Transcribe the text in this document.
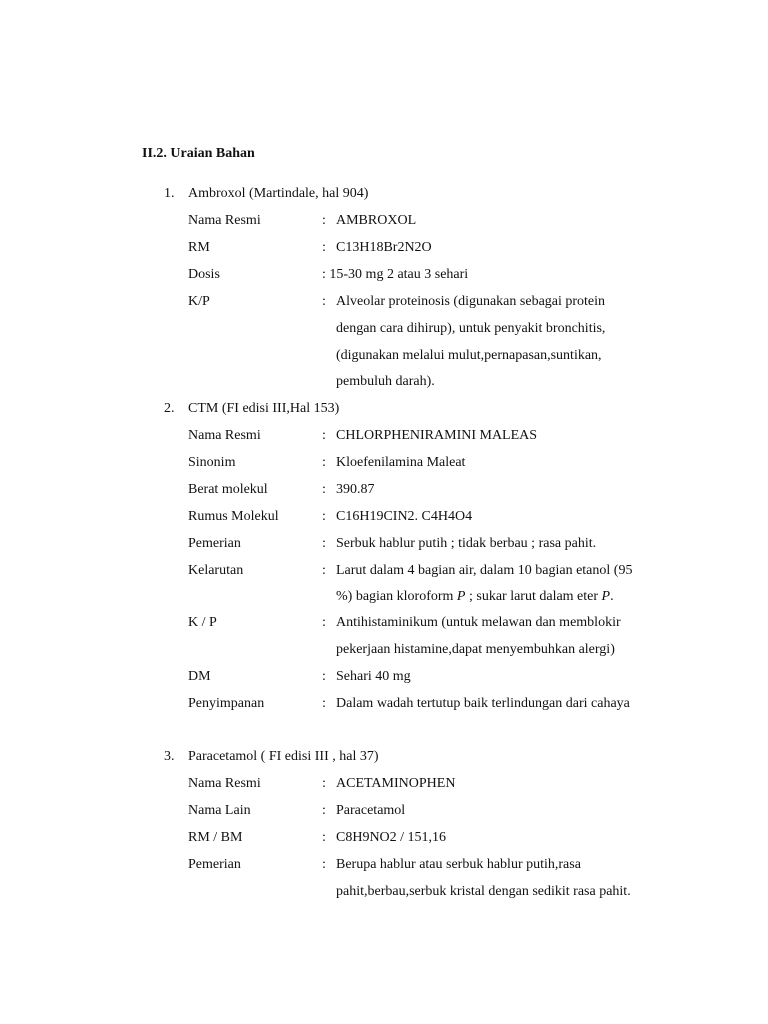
II.2. Uraian Bahan
1. Ambroxol (Martindale, hal 904)
Nama Resmi	: AMBROXOL
RM	: C13H18Br2N2O
Dosis	: 15-30 mg 2 atau 3 sehari
K/P	: Alveolar proteinosis (digunakan sebagai protein
dengan cara dihirup), untuk penyakit bronchitis,
(digunakan melalui mulut,pernapasan,suntikan,
pembuluh darah).
2. CTM (FI edisi III,Hal 153)
Nama Resmi	: CHLORPHENIRAMINI MALEAS
Sinonim	: Kloefenilamina Maleat
Berat molekul	: 390.87
Rumus Molekul	: C16H19CIN2. C4H4O4
Pemerian	: Serbuk hablur putih ; tidak berbau ; rasa pahit.
Kelarutan	: Larut dalam 4 bagian air, dalam 10 bagian etanol (95
%) bagian kloroform P ; sukar larut dalam eter P.
K / P	: Antihistaminikum (untuk melawan dan memblokir
pekerjaan histamine,dapat menyembuhkan alergi)
DM	: Sehari 40 mg
Penyimpanan	: Dalam wadah tertutup baik terlindungan dari cahaya
3. Paracetamol ( FI edisi III , hal 37)
Nama Resmi	: ACETAMINOPHEN
Nama Lain	: Paracetamol
RM / BM	: C8H9NO2 / 151,16
Pemerian	: Berupa hablur atau serbuk hablur putih,rasa
pahit,berbau,serbuk kristal dengan sedikit rasa pahit.
